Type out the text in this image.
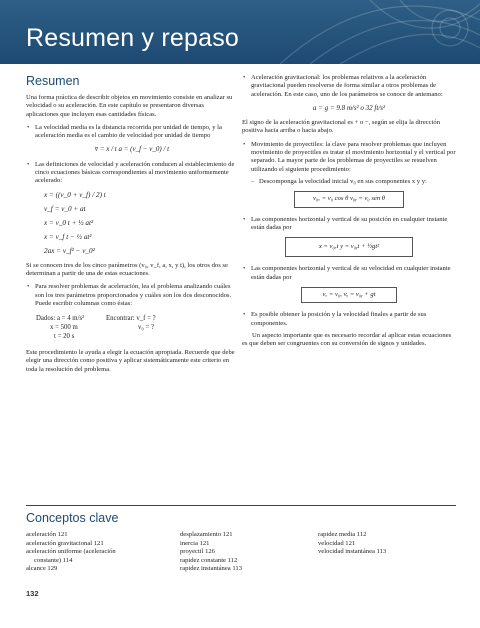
Resumen y repaso
Resumen

Una forma práctica de describir objetos en movimiento consiste en analizar su velocidad o su aceleración. En este capítulo se presentaron diversas aplicaciones que incluyen esas cantidades físicas.

• La velocidad media es la distancia recorrida por unidad de tiempo, y la aceleración media es el cambio de velocidad por unidad de tiempo
v̄ = x / t a = (v_f − v_0) / t
• Las definiciones de velocidad y aceleración conducen al establecimiento de cinco ecuaciones básicas correspondientes al movimiento uniformemente acelerado:
x = ((v_0 + v_f) / 2) t
v_f = v_0 + at
x = v_0 t + ½ at²
x = v_f t − ½ at²
2ax = v_f² − v_0²

Si se conocen tres de los cinco parámetros (v₀, v_f, a, x, y t), los otros dos se determinan a partir de una de estas ecuaciones.

• Para resolver problemas de aceleración, lea el problema analizando cuáles son los tres parámetros proporcionados y cuáles son los dos desconocidos. Puede escribir columnas como éstas:
Dados: a = 4 m/s²	Encontrar: v_f = ?
x = 500 m	v₀ = ?
t = 20 s

Este procedimiento le ayuda a elegir la ecuación apropiada. Recuerde que debe elegir una dirección como positiva y aplicar sistemáticamente este criterio en toda la resolución del problema.

• Aceleración gravitacional: los problemas relativos a la aceleración gravitacional pueden resolverse de forma similar a otros problemas de aceleración. En este caso, uno de los parámetros se conoce de antemano:
a = g = 9.8 m/s² o 32 ft/s²

El signo de la aceleración gravitacional es + o −, según se elija la dirección positiva hacia arriba o hacia abajo.

• Movimiento de proyectiles: la clave para resolver problemas que incluyen movimiento de proyectiles es tratar el movimiento horizontal y el vertical por separado. La mayor parte de los problemas de proyectiles se resuelven utilizando el siguiente procedimiento:
– Descomponga la velocidad inicial v₀ en sus componentes x y y:
v₀ₓ = v₀ cos θ v₀ᵧ = v₀ sen θ
• Las componentes horizontal y vertical de su posición en cualquier instante están dadas por
x = v₀ₓt y = v₀ᵧt + ½gt²
• Las componentes horizontal y vertical de su velocidad en cualquier instante están dadas por
vₓ = v₀ₓ vᵧ = v₀ᵧ + gt
• Es posible obtener la posición y la velocidad finales a partir de sus componentes.

Un aspecto importante que es necesario recordar al aplicar estas ecuaciones es que deben ser congruentes con su conversión de signos y unidades.

Conceptos clave
aceleración 121
aceleración gravitacional 121
aceleración uniforme (aceleración
constante) 114
alcance 129
desplazamiento 121
inercia 121
proyectil 126
rapidez constante 112
rapidez instantánea 113
rapidez media 112
velocidad 121
velocidad instantánea 113
132
